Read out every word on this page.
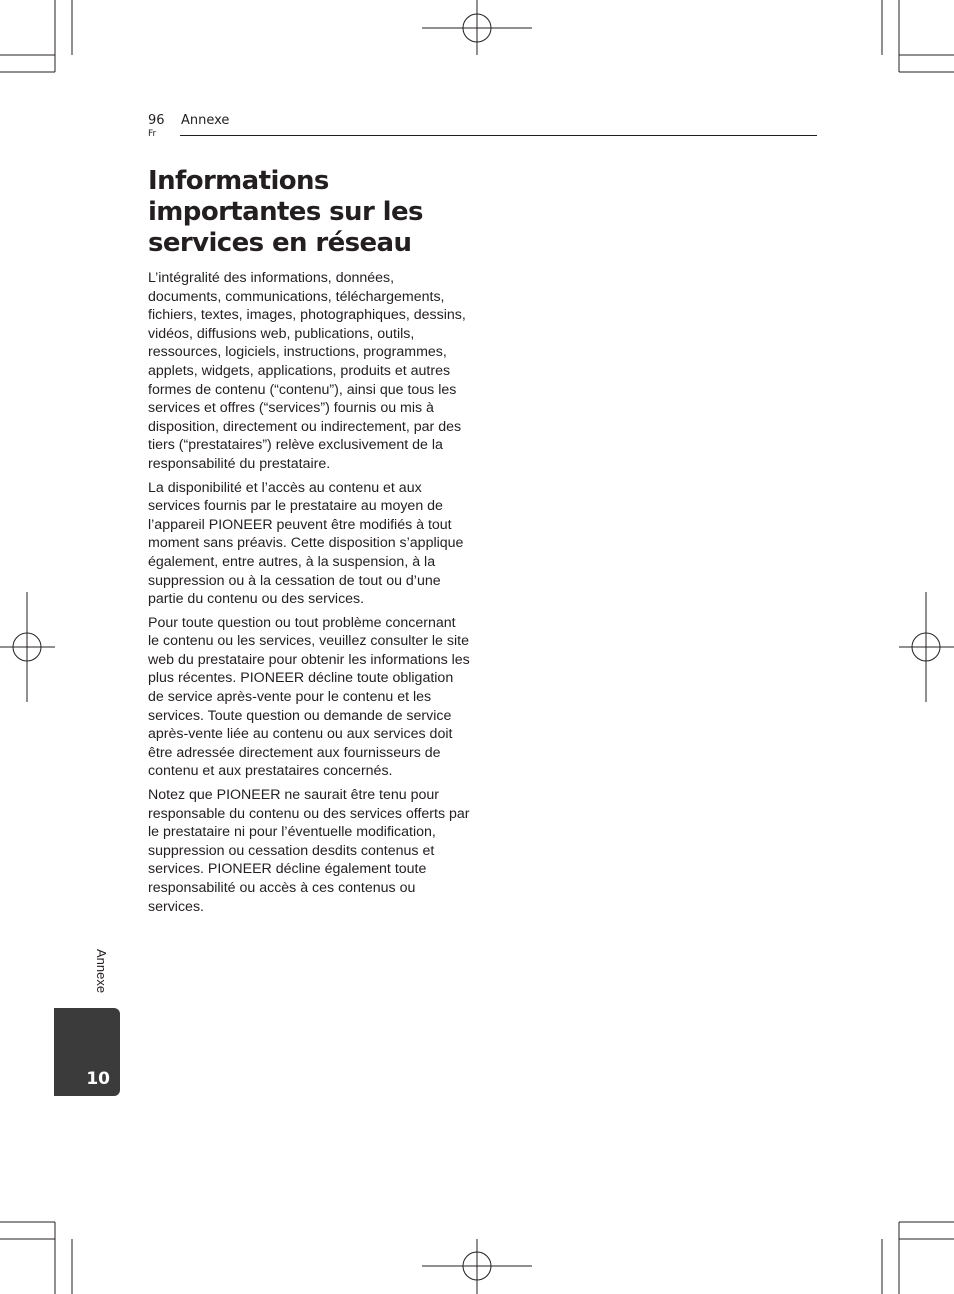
96
Fr
Annexe
Informations importantes sur les services en réseau

L’intégralité des informations, données, documents, communications, téléchargements, fichiers, textes, images, photographiques, dessins, vidéos, diffusions web, publications, outils, ressources, logiciels, instructions, programmes, applets, widgets, applications, produits et autres formes de contenu (“contenu”), ainsi que tous les services et offres (“services”) fournis ou mis à disposition, directement ou indirectement, par des tiers (“prestataires”) relève exclusivement de la responsabilité du prestataire.

La disponibilité et l’accès au contenu et aux services fournis par le prestataire au moyen de l’appareil PIONEER peuvent être modifiés à tout moment sans préavis. Cette disposition s’applique également, entre autres, à la suspension, à la suppression ou à la cessation de tout ou d’une partie du contenu ou des services.

Pour toute question ou tout problème concernant le contenu ou les services, veuillez consulter le site web du prestataire pour obtenir les informations les plus récentes. PIONEER décline toute obligation de service après-vente pour le contenu et les services. Toute question ou demande de service après-vente liée au contenu ou aux services doit être adressée directement aux fournisseurs de contenu et aux prestataires concernés.

Notez que PIONEER ne saurait être tenu pour responsable du contenu ou des services offerts par le prestataire ni pour l’éventuelle modification, suppression ou cessation desdits contenus et services. PIONEER décline également toute responsabilité ou accès à ces contenus ou services.

Annexe
10
